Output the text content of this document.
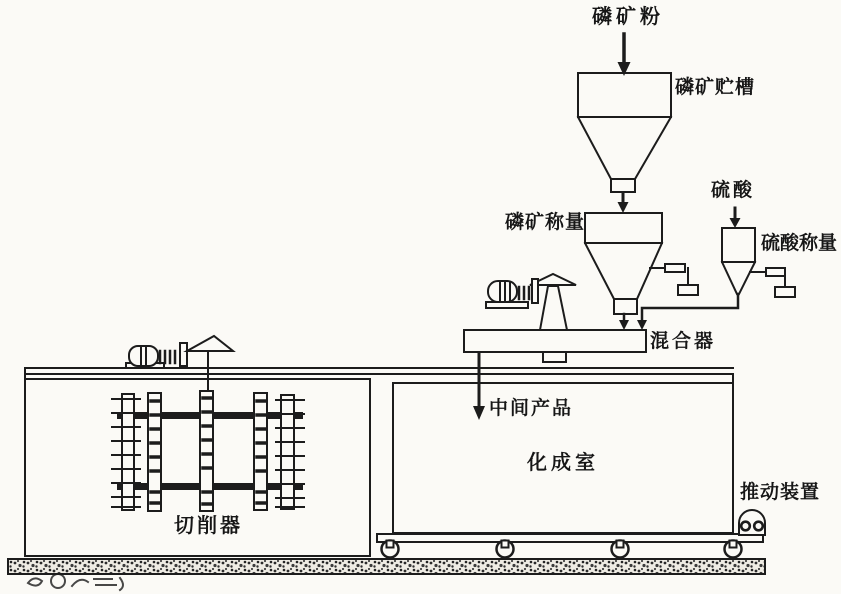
磷矿粉
磷矿贮槽
磷矿称量
硫酸
硫酸称量
混合器
中间产品
化成室
切削器
推动装置
